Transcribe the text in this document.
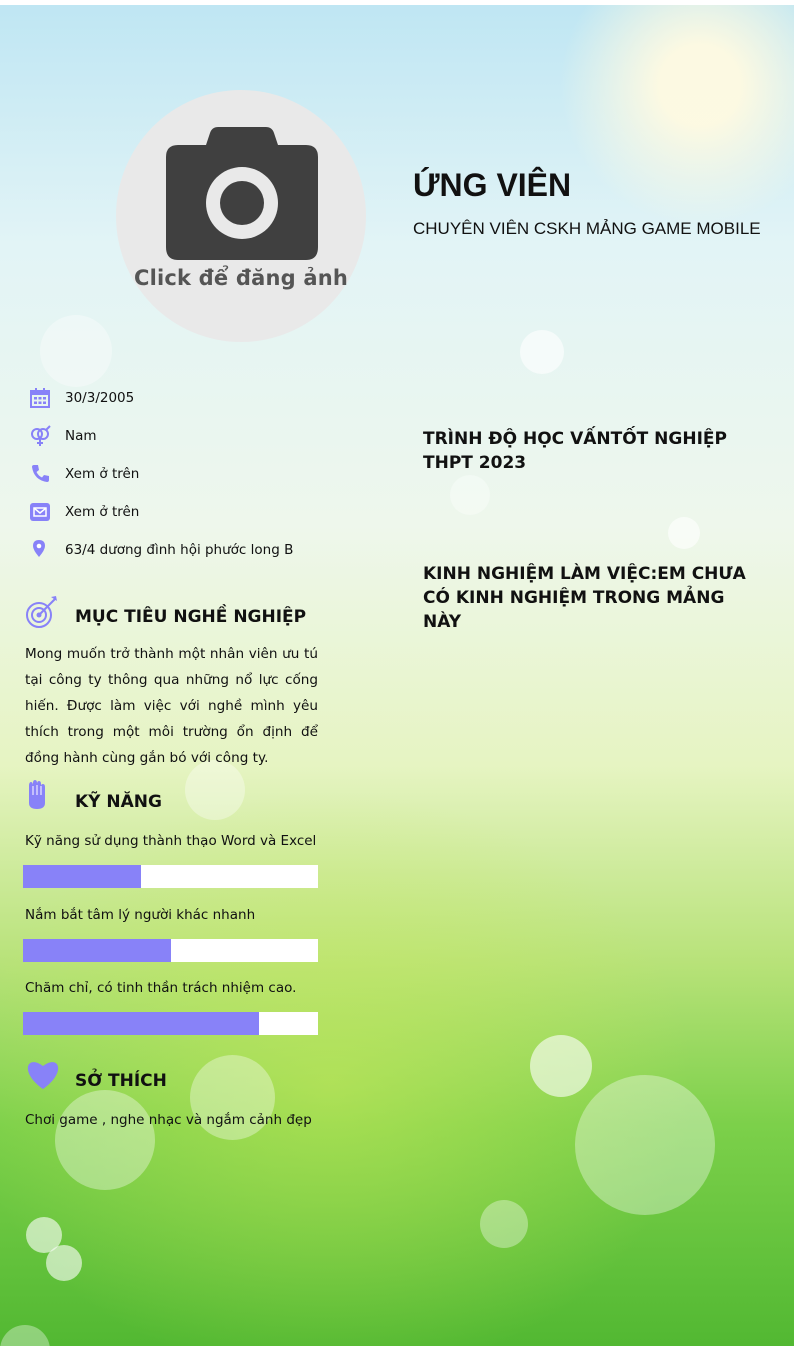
Click để đăng ảnh
ỨNG VIÊN
CHUYÊN VIÊN CSKH MẢNG GAME MOBILE
30/3/2005
Nam
Xem ở trên
Xem ở trên
63/4 dương đình hội phước long B
MỤC TIÊU NGHỀ NGHIỆP
Mong muốn trở thành một nhân viên ưu tú tại công ty thông qua những nổ lực cống hiến. Được làm việc với nghề mình yêu thích trong một môi trường ổn định để đồng hành cùng gắn bó với công ty.
KỸ NĂNG
Kỹ năng sử dụng thành thạo Word và Excel
Nắm bắt tâm lý người khác nhanh
Chăm chỉ, có tinh thần trách nhiệm cao.
SỞ THÍCH
Chơi game , nghe nhạc và ngắm cảnh đẹp
TRÌNH ĐỘ HỌC VẤNTỐT NGHIỆP THPT 2023
KINH NGHIỆM LÀM VIỆC:EM CHƯA CÓ KINH NGHIỆM TRONG MẢNG NÀY
